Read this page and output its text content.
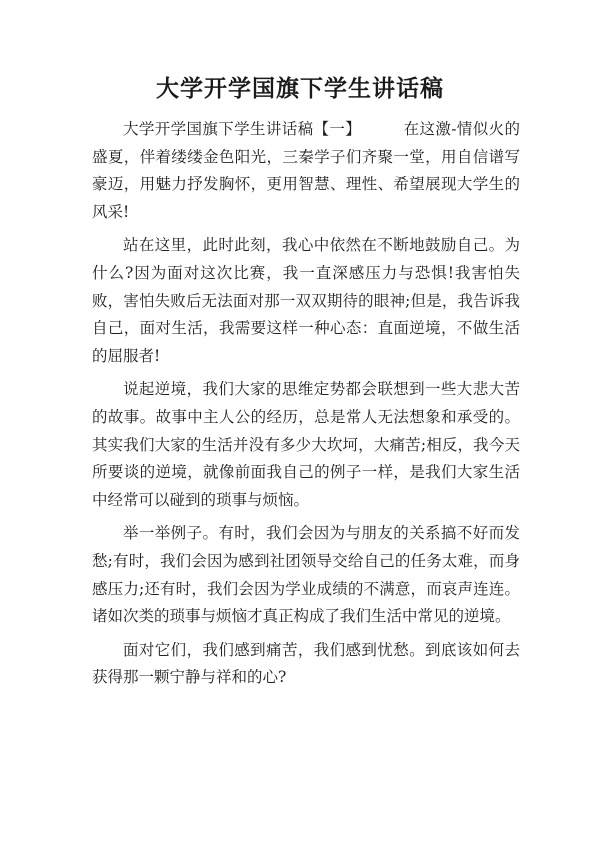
大学开学国旗下学生讲话稿

大学开学国旗下学生讲话稿【一】	在这激-情似火的盛夏，伴着缕缕金色阳光，三秦学子们齐聚一堂，用自信谱写豪迈，用魅力抒发胸怀，更用智慧、理性、希望展现大学生的风采!

站在这里，此时此刻，我心中依然在不断地鼓励自己。为什么?因为面对这次比赛，我一直深感压力与恐惧!我害怕失败，害怕失败后无法面对那一双双期待的眼神;但是，我告诉我自己，面对生活，我需要这样一种心态：直面逆境，不做生活的屈服者!

说起逆境，我们大家的思维定势都会联想到一些大悲大苦的故事。故事中主人公的经历，总是常人无法想象和承受的。其实我们大家的生活并没有多少大坎坷，大痛苦;相反，我今天所要谈的逆境，就像前面我自己的例子一样，是我们大家生活中经常可以碰到的琐事与烦恼。

举一举例子。有时，我们会因为与朋友的关系搞不好而发愁;有时，我们会因为感到社团领导交给自己的任务太难，而身感压力;还有时，我们会因为学业成绩的不满意，而哀声连连。诸如次类的琐事与烦恼才真正构成了我们生活中常见的逆境。

面对它们，我们感到痛苦，我们感到忧愁。到底该如何去获得那一颗宁静与祥和的心?
